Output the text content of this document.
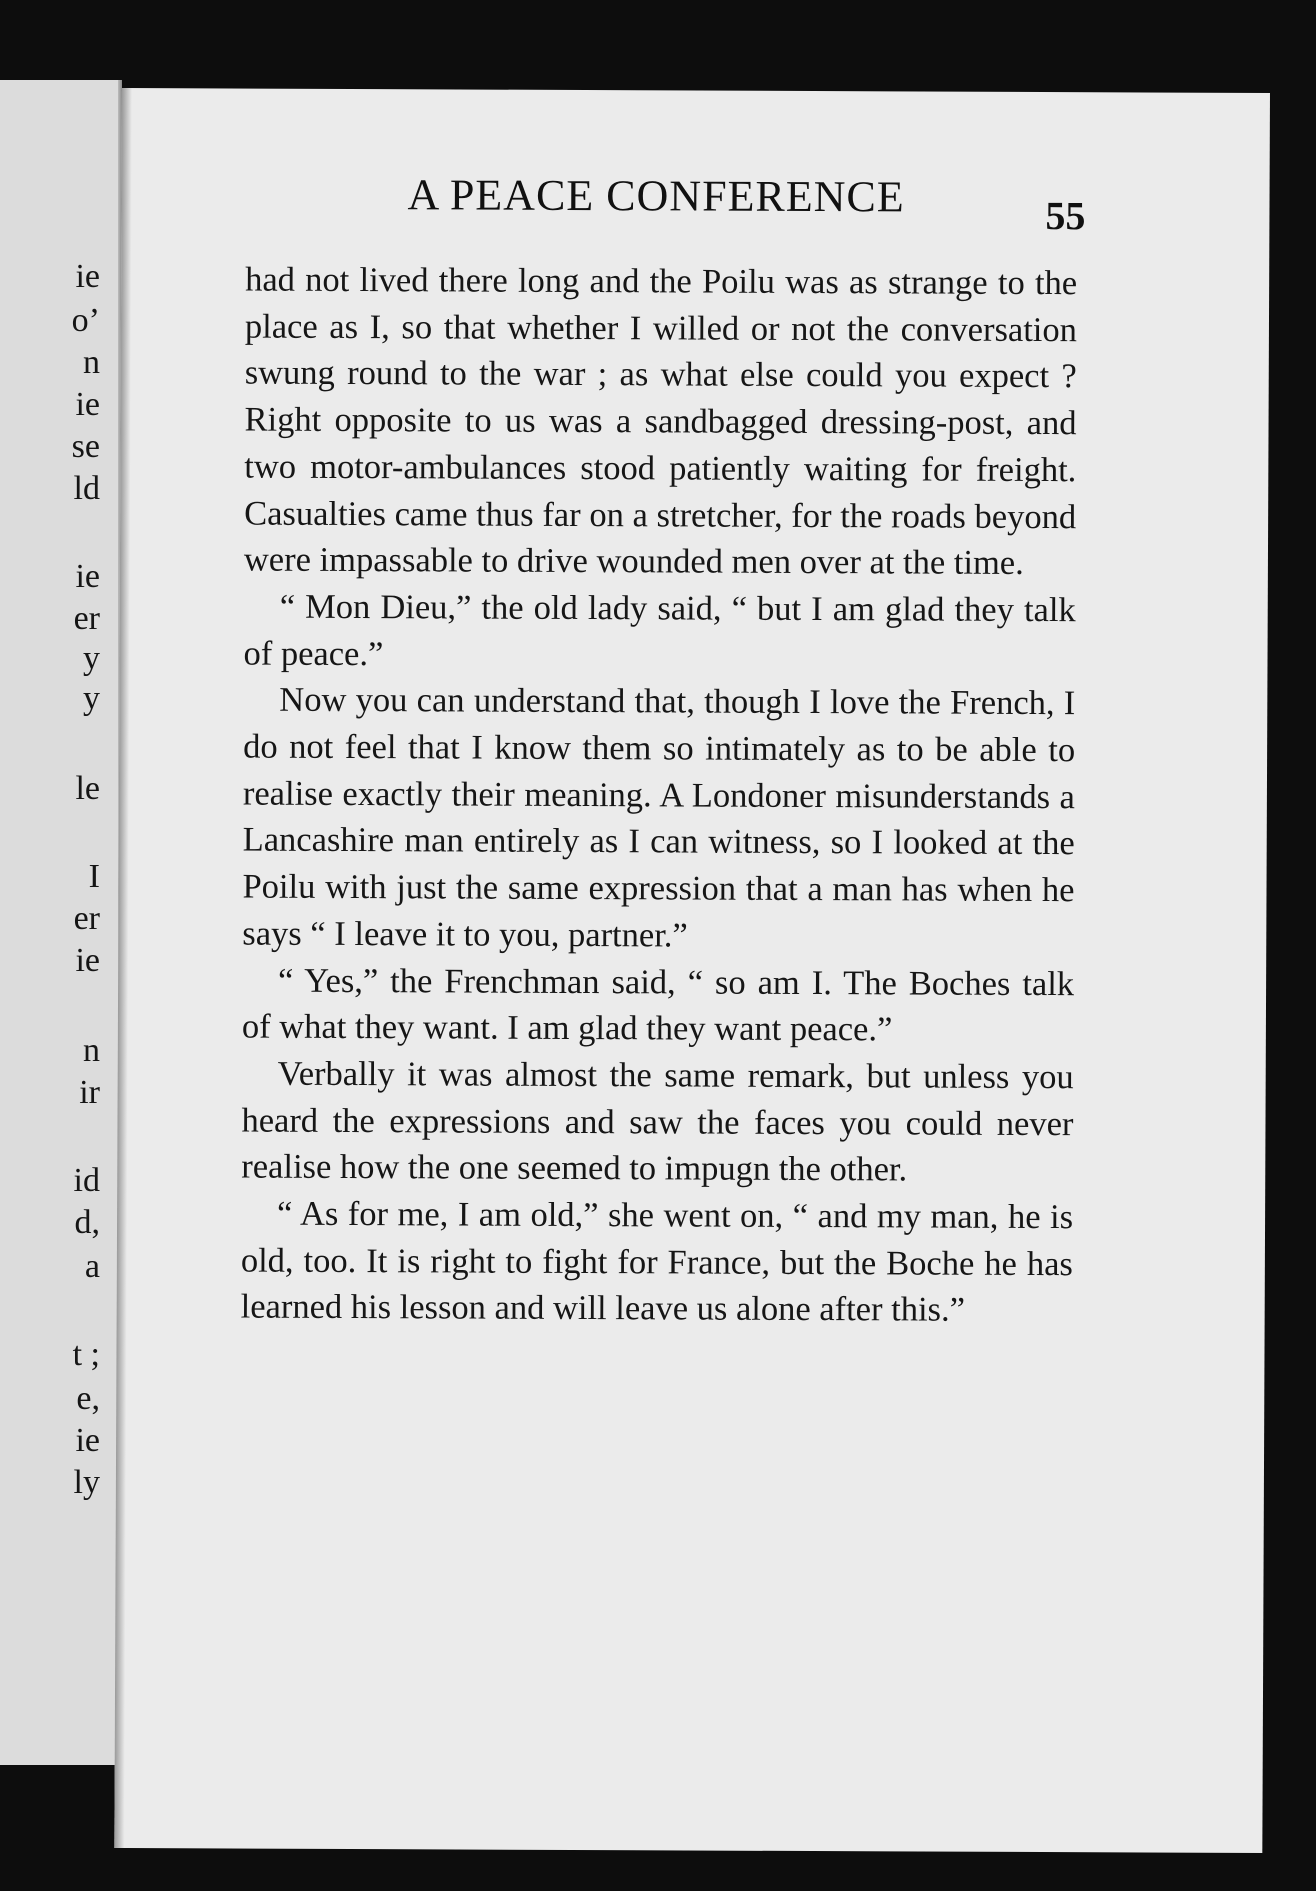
ie
o’
n
ie
se
ld
ie
er
y
y
le
I
er
ie
n
ir
id
d,
a
t ;
e,
ie
ly
A PEACE CONFERENCE	55

had not lived there long and the Poilu was as strange to the place as I, so that whether I willed or not the conversation swung round to the war ; as what else could you expect ? Right opposite to us was a sandbagged dressing-post, and two motor-ambulances stood patiently waiting for freight. Casualties came thus far on a stretcher, for the roads beyond were impassable to drive wounded men over at the time.

“ Mon Dieu,” the old lady said, “ but I am glad they talk of peace.”

Now you can understand that, though I love the French, I do not feel that I know them so intimately as to be able to realise exactly their meaning. A Londoner misunderstands a Lancashire man entirely as I can witness, so I looked at the Poilu with just the same expression that a man has when he says “ I leave it to you, partner.”

“ Yes,” the Frenchman said, “ so am I. The Boches talk of what they want. I am glad they want peace.”

Verbally it was almost the same remark, but unless you heard the expressions and saw the faces you could never realise how the one seemed to impugn the other.

“ As for me, I am old,” she went on, “ and my man, he is old, too. It is right to fight for France, but the Boche he has learned his lesson and will leave us alone after this.”
